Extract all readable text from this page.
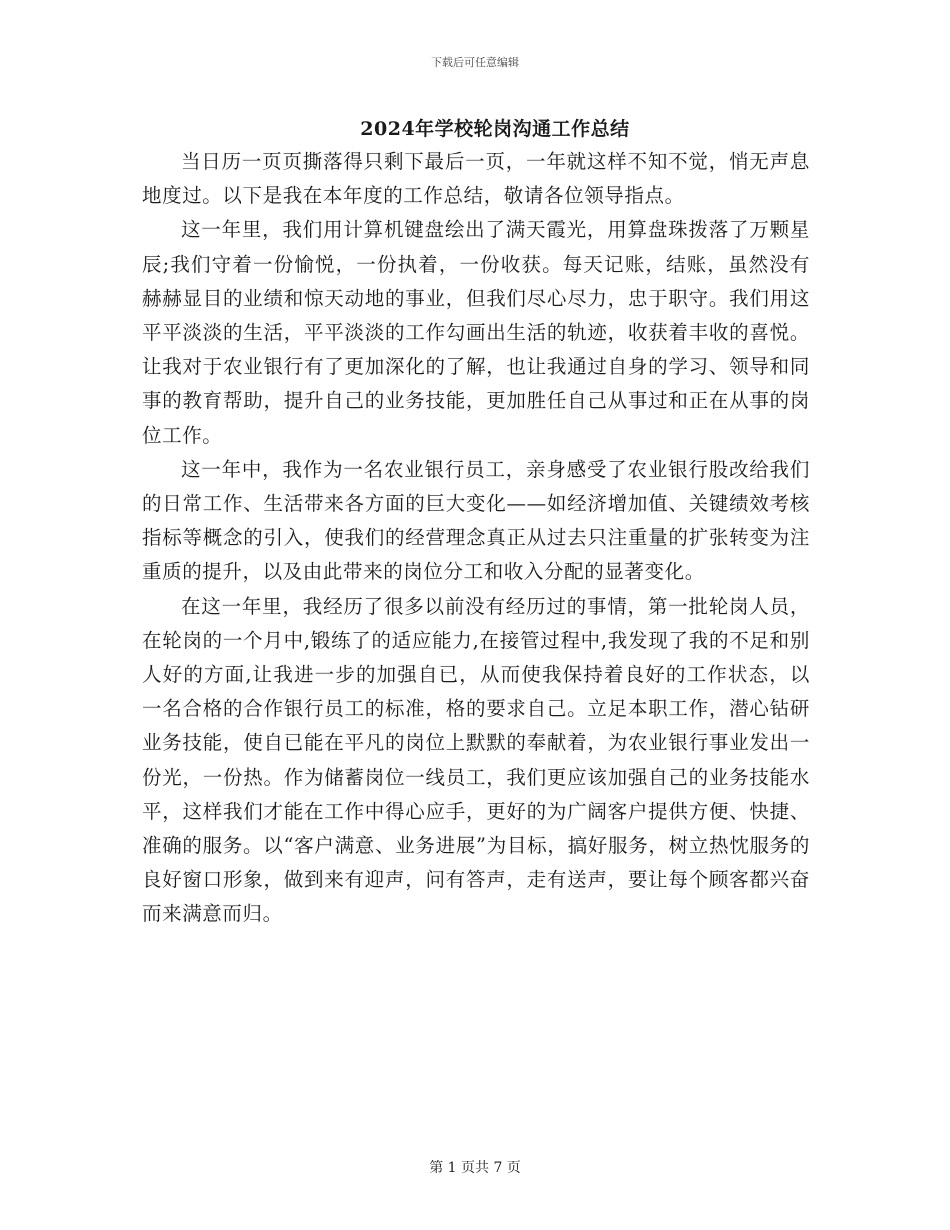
下载后可任意编辑
2024年学校轮岗沟通工作总结

当日历一页页撕落得只剩下最后一页，一年就这样不知不觉，悄无声息地度过。以下是我在本年度的工作总结，敬请各位领导指点。

这一年里，我们用计算机键盘绘出了满天霞光，用算盘珠拨落了万颗星辰;我们守着一份愉悦，一份执着，一份收获。每天记账，结账，虽然没有赫赫显目的业绩和惊天动地的事业，但我们尽心尽力，忠于职守。我们用这平平淡淡的生活，平平淡淡的工作勾画出生活的轨迹，收获着丰收的喜悦。让我对于农业银行有了更加深化的了解，也让我通过自身的学习、领导和同事的教育帮助，提升自己的业务技能，更加胜任自己从事过和正在从事的岗位工作。

这一年中，我作为一名农业银行员工，亲身感受了农业银行股改给我们的日常工作、生活带来各方面的巨大变化——如经济增加值、关键绩效考核指标等概念的引入，使我们的经营理念真正从过去只注重量的扩张转变为注重质的提升，以及由此带来的岗位分工和收入分配的显著变化。

在这一年里，我经历了很多以前没有经历过的事情，第一批轮岗人员，在轮岗的一个月中,锻练了的适应能力,在接管过程中,我发现了我的不足和别人好的方面,让我进一步的加强自已，从而使我保持着良好的工作状态，以一名合格的合作银行员工的标准，格的要求自己。立足本职工作，潜心钻研业务技能，使自已能在平凡的岗位上默默的奉献着，为农业银行事业发出一份光，一份热。作为储蓄岗位一线员工，我们更应该加强自己的业务技能水平，这样我们才能在工作中得心应手，更好的为广阔客户提供方便、快捷、准确的服务。以“客户满意、业务进展”为目标，搞好服务，树立热忱服务的良好窗口形象，做到来有迎声，问有答声，走有送声，要让每个顾客都兴奋而来满意而归。

第 1 页共 7 页
